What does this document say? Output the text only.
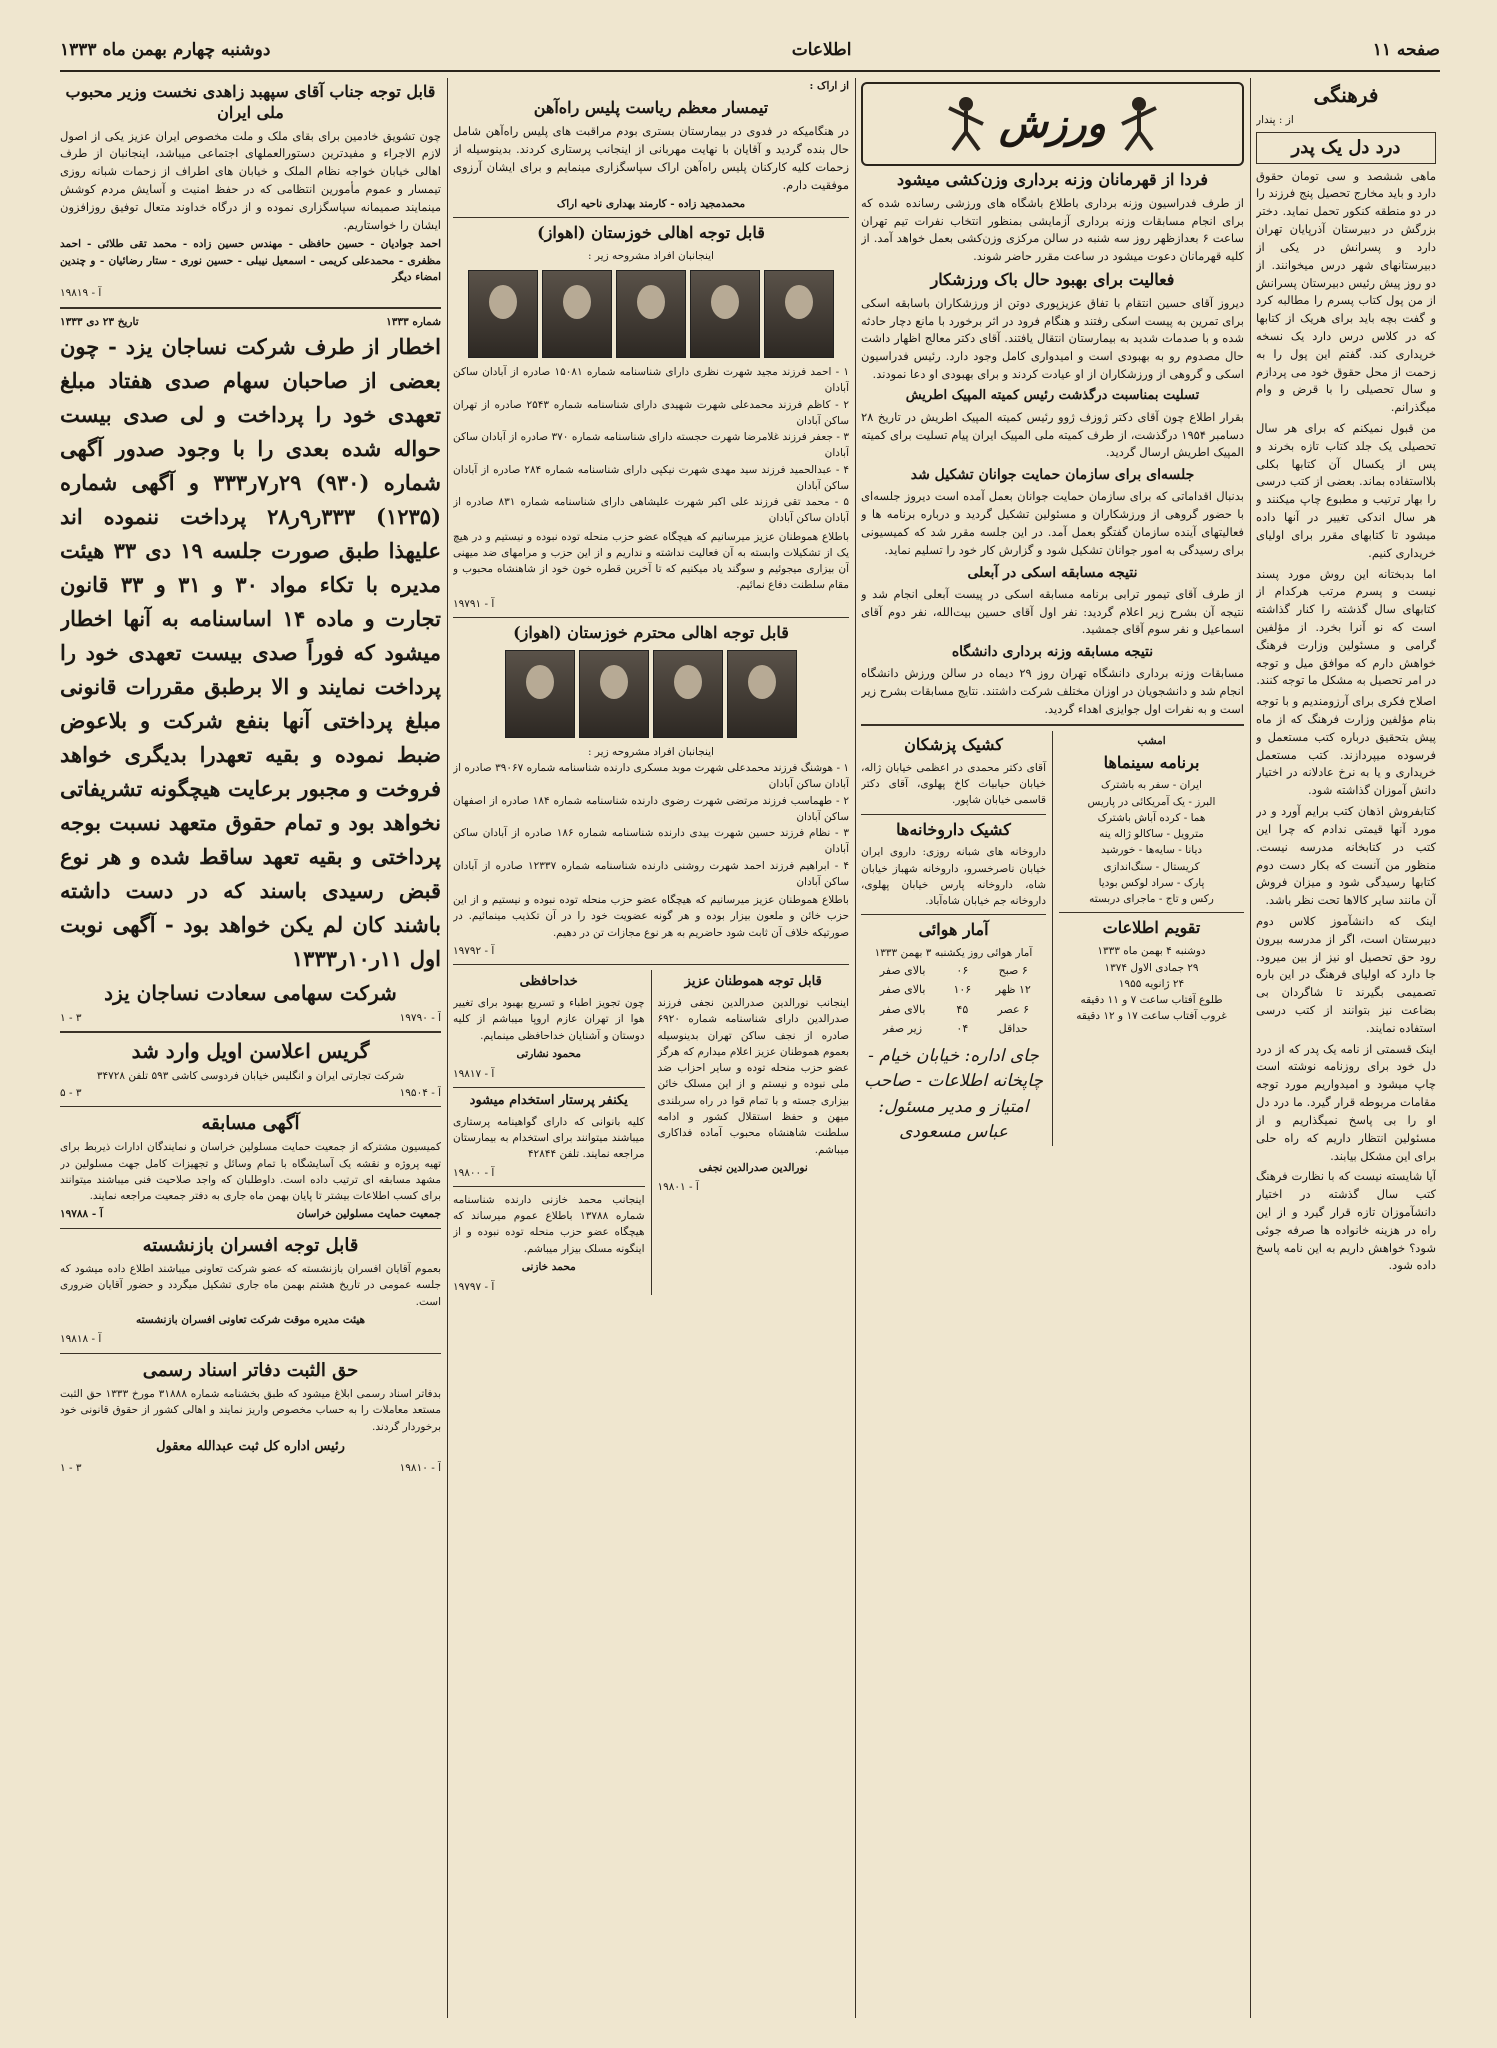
صفحه ۱۱
اطلاعات
دوشنبه چهارم بهمن ماه ۱۳۳۳
فرهنگی
از : پندار
درد دل یک پدر

ماهی ششصد و سی تومان حقوق دارد و باید مخارج تحصیل پنج فرزند را در دو منطقه کنکور تحمل نماید. دختر بزرگش در دبیرستان آذرپایان تهران دارد و پسرانش در یکی از دبیرستانهای شهر درس میخوانند. از دو روز پیش رئیس دبیرستان پسرانش از من پول کتاب پسرم را مطالبه کرد و گفت بچه باید برای هریک از کتابها که در کلاس درس دارد یک نسخه خریداری کند. گفتم این پول را به زحمت از محل حقوق خود می پردازم و سال تحصیلی را با قرض و وام میگذرانم.

من قبول نمیکنم که برای هر سال تحصیلی یک جلد کتاب تازه بخرند و پس از یکسال آن کتابها بکلی بلااستفاده بماند. بعضی از کتب درسی را بهار ترتیب و مطبوع چاپ میکنند و هر سال اندکی تغییر در آنها داده میشود تا کتابهای مقرر برای اولیای خریداری کنیم.

اما بدبختانه این روش مورد پسند نیست و پسرم مرتب هرکدام از کتابهای سال گذشته را کنار گذاشته است که نو آنرا بخرد. از مؤلفین گرامی و مسئولین وزارت فرهنگ خواهش دارم که موافق میل و توجه در امر تحصیل به مشکل ما توجه کنند.

اصلاح فکری برای آرزومندیم و با توجه بنام مؤلفین وزارت فرهنگ که از ماه پیش بتحقیق درباره کتب مستعمل و فرسوده میپردازند. کتب مستعمل خریداری و یا به نرخ عادلانه در اختیار دانش آموزان گذاشته شود.

کتابفروش اذهان کتب برایم آورد و در مورد آنها قیمتی ندادم که چرا این کتب در کتابخانه مدرسه نیست. منظور من آنست که بکار دست دوم کتابها رسیدگی شود و میزان فروش آن مانند سایر کالاها تحت نظر باشد.

اینک که دانشآموز کلاس دوم دبیرستان است، اگر از مدرسه بیرون رود حق تحصیل او نیز از بین میرود. جا دارد که اولیای فرهنگ در این باره تصمیمی بگیرند تا شاگردان بی بضاعت نیز بتوانند از کتب درسی استفاده نمایند.

اینک قسمتی از نامه یک پدر که از درد دل خود برای روزنامه نوشته است چاپ میشود و امیدواریم مورد توجه مقامات مربوطه قرار گیرد. ما درد دل او را بی پاسخ نمیگذاریم و از مسئولین انتظار داریم که راه حلی برای این مشکل بیابند.

آیا شایسته نیست که با نظارت فرهنگ کتب سال گذشته در اختیار دانشآموزان تازه قرار گیرد و از این راه در هزینه خانواده ها صرفه جوئی شود؟ خواهش داریم به این نامه پاسخ داده شود.

ورزش
فردا از قهرمانان وزنه برداری وزن‌کشی میشود

از طرف فدراسیون وزنه برداری باطلاع باشگاه های ورزشی رسانده شده که برای انجام مسابقات وزنه برداری آزمایشی بمنظور انتخاب نفرات تیم تهران ساعت ۶ بعدازظهر روز سه شنبه در سالن مرکزی وزن‌کشی بعمل خواهد آمد. از کلیه قهرمانان دعوت میشود در ساعت مقرر حاضر شوند.

فعالیت برای بهبود حال باک ورزشکار

دیروز آقای حسین انتقام با تفاق عزیزپوری دوتن از ورزشکاران باسابقه اسکی برای تمرین به پیست اسکی رفتند و هنگام فرود در اثر برخورد با مانع دچار حادثه شده و با صدمات شدید به بیمارستان انتقال یافتند. آقای دکتر معالج اظهار داشت حال مصدوم رو به بهبودی است و امیدواری کامل وجود دارد. رئیس فدراسیون اسکی و گروهی از ورزشکاران از او عیادت کردند و برای بهبودی او دعا نمودند.

تسلیت بمناسبت درگذشت رئیس کمیته المپیک اطریش

بقرار اطلاع چون آقای دکتر ژوزف ژوو رئیس کمیته المپیک اطریش در تاریخ ۲۸ دسامبر ۱۹۵۴ درگذشت، از طرف کمیته ملی المپیک ایران پیام تسلیت برای کمیته المپیک اطریش ارسال گردید.

جلسه‌ای برای سازمان حمایت جوانان تشکیل شد

بدنبال اقداماتی که برای سازمان حمایت جوانان بعمل آمده است دیروز جلسه‌ای با حضور گروهی از ورزشکاران و مسئولین تشکیل گردید و درباره برنامه ها و فعالیتهای آینده سازمان گفتگو بعمل آمد. در این جلسه مقرر شد که کمیسیونی برای رسیدگی به امور جوانان تشکیل شود و گزارش کار خود را تسلیم نماید.

نتیجه مسابقه اسکی در آبعلی

از طرف آقای تیمور ترابی برنامه مسابقه اسکی در پیست آبعلی انجام شد و نتیجه آن بشرح زیر اعلام گردید: نفر اول آقای حسین بیت‌الله، نفر دوم آقای اسماعیل و نفر سوم آقای جمشید.

نتیجه مسابقه وزنه برداری دانشگاه

مسابقات وزنه برداری دانشگاه تهران روز ۲۹ دیماه در سالن ورزش دانشگاه انجام شد و دانشجویان در اوزان مختلف شرکت داشتند. نتایج مسابقات بشرح زیر است و به نفرات اول جوایزی اهداء گردید.

امشب
برنامه سینماها
ایران - سفر به باشترک
البرز - یک آمریکائی در پاریس
هما - کرده آباش باشترک
مترویل - ساکالو ژاله ینه
دیانا - سایه‌ها - خورشید
کریستال - سنگ‌اندازی
پارک - سراد لوکس بودیا
رکس و تاج - ماجرای دربسته
تقویم اطلاعات
دوشنبه ۴ بهمن ماه ۱۳۳۳
۲۹ جمادی الاول ۱۳۷۴
۲۴ ژانویه ۱۹۵۵
طلوع آفتاب ساعت ۷ و ۱۱ دقیقه
غروب آفتاب ساعت ۱۷ و ۱۲ دقیقه
کشیک پزشکان
آقای دکتر محمدی در اعظمی خیابان ژاله، خیابان حیابیات کاخ پهلوی، آقای دکتر قاسمی خیابان شاپور.
کشیک داروخانه‌ها
داروخانه های شبانه روزی: داروی ایران خیابان ناصرخسرو، داروخانه شهباز خیابان شاه، داروخانه پارس خیابان پهلوی، داروخانه جم خیابان شاه‌آباد.
آمار هوائی
آمار هوائی روز یکشنبه ۳ بهمن ۱۳۳۳
۶ صبح	۰۶	بالای صفر
۱۲ ظهر	۱۰۶	بالای صفر
۶ عصر	۴۵	بالای صفر
حداقل	۰۴	زیر صفر
جای اداره: خیابان خیام - چاپخانه اطلاعات - صاحب امتیاز و مدیر مسئول: عباس مسعودی
از اراک :
تیمسار معظم ریاست پلیس راه‌آهن

در هنگامیکه در فدوی در بیمارستان بستری بودم مراقبت های پلیس راه‌آهن شامل حال بنده گردید و آقایان با نهایت مهربانی از اینجانب پرستاری کردند. بدینوسیله از زحمات کلیه کارکنان پلیس راه‌آهن اراک سپاسگزاری مینمایم و برای ایشان آرزوی موفقیت دارم.

محمدمجید زاده - کارمند بهداری ناحیه اراک
قابل توجه اهالی خوزستان (اهواز)
اینجانبان افراد مشروحه زیر :
۱ - احمد فرزند مجید شهرت نظری دارای شناسنامه شماره ۱۵۰۸۱ صادره از آبادان ساکن آبادان
۲ - کاظم فرزند محمدعلی شهرت شهیدی دارای شناسنامه شماره ۲۵۴۳ صادره از تهران ساکن آبادان
۳ - جعفر فرزند غلامرضا شهرت حجسته دارای شناسنامه شماره ۳۷۰ صادره از آبادان ساکن آبادان
۴ - عبدالحمید فرزند سید مهدی شهرت نیکپی دارای شناسنامه شماره ۲۸۴ صادره از آبادان ساکن آبادان
۵ - محمد تقی فرزند علی اکبر شهرت علیشاهی دارای شناسنامه شماره ۸۳۱ صادره از آبادان ساکن آبادان

باطلاع هموطنان عزیز میرسانیم که هیچگاه عضو حزب منحله توده نبوده و نیستیم و در هیچ یک از تشکیلات وابسته به آن فعالیت نداشته و نداریم و از این حزب و مرامهای ضد میهنی آن بیزاری میجوئیم و سوگند یاد میکنیم که تا آخرین قطره خون خود از شاهنشاه محبوب و مقام سلطنت دفاع نمائیم.

آ - ۱۹۷۹۱
قابل توجه اهالی محترم خوزستان (اهواز)
اینجانبان افراد مشروحه زیر :
۱ - هوشنگ فرزند محمدعلی شهرت موبد مسکری دارنده شناسنامه شماره ۳۹۰۶۷ صادره از آبادان ساکن آبادان
۲ - طهماسب فرزند مرتضی شهرت رضوی دارنده شناسنامه شماره ۱۸۴ صادره از اصفهان ساکن آبادان
۳ - نظام فرزند حسین شهرت بیدی دارنده شناسنامه شماره ۱۸۶ صادره از آبادان ساکن آبادان
۴ - ابراهیم فرزند احمد شهرت روشنی دارنده شناسنامه شماره ۱۲۳۳۷ صادره از آبادان ساکن آبادان

باطلاع هموطنان عزیز میرسانیم که هیچگاه عضو حزب منحله توده نبوده و نیستیم و از این حزب خائن و ملعون بیزار بوده و هر گونه عضویت خود را در آن تکذیب مینمائیم. در صورتیکه خلاف آن ثابت شود حاضریم به هر نوع مجازات تن در دهیم.

آ - ۱۹۷۹۲
قابل توجه هموطنان عزیز

اینجانب نورالدین صدرالدین نجفی فرزند صدرالدین دارای شناسنامه شماره ۶۹۲۰ صادره از نجف ساکن تهران بدینوسیله بعموم هموطنان عزیز اعلام میدارم که هرگز عضو حزب منحله توده و سایر احزاب ضد ملی نبوده و نیستم و از این مسلک خائن بیزاری جسته و با تمام قوا در راه سربلندی میهن و حفظ استقلال کشور و ادامه سلطنت شاهنشاه محبوب آماده فداکاری میباشم.

نورالدین صدرالدین نجفی
آ - ۱۹۸۰۱
خداحافظی

چون تجویز اطباء و تسریع بهبود برای تغییر هوا از تهران عازم اروپا میباشم از کلیه دوستان و آشنایان خداحافظی مینمایم.

محمود نشارتی
آ - ۱۹۸۱۷
یکنفر پرستار استخدام میشود

کلیه بانوانی که دارای گواهینامه پرستاری میباشند میتوانند برای استخدام به بیمارستان مراجعه نمایند. تلفن ۴۲۸۴۴

آ - ۱۹۸۰۰

اینجانب محمد خازنی دارنده شناسنامه شماره ۱۳۷۸۸ باطلاع عموم میرساند که هیچگاه عضو حزب منحله توده نبوده و از اینگونه مسلک بیزار میباشم.

محمد خازنی
آ - ۱۹۷۹۷
قابل توجه جناب آقای سپهبد زاهدی نخست وزیر محبوب ملی ایران

چون تشویق خادمین برای بقای ملک و ملت مخصوص ایران عزیز یکی از اصول لازم الاجراء و مفیدترین دستورالعملهای اجتماعی میباشد، اینجانبان از طرف اهالی خیابان خواجه نظام الملک و خیابان های اطراف از زحمات شبانه روزی تیمسار و عموم مأمورین انتظامی که در حفظ امنیت و آسایش مردم کوشش مینمایند صمیمانه سپاسگزاری نموده و از درگاه خداوند متعال توفیق روزافزون ایشان را خواستاریم.

احمد جوادیان - حسین حافظی - مهندس حسین زاده - محمد تقی طلائی - احمد مظفری - محمدعلی کریمی - اسمعیل نیبلی - حسین نوری - ستار رضائیان - و چندین امضاء دیگر
آ - ۱۹۸۱۹
شماره ۱۳۳۳
تاریخ ۲۳ دی ۱۳۳۳
اخطار از طرف شرکت نساجان یزد - چون بعضی از صاحبان سهام صدی هفتاد مبلغ تعهدی خود را پرداخت و لی صدی بیست حواله شده بعدی را با وجود صدور آگهی شماره (۹۳۰) ۲۹ر۷ر۳۳۳ و آگهی شماره (۱۲۳۵) ۳۳۳ر۹ر۲۸ پرداخت ننموده اند علیهذا طبق صورت جلسه ۱۹ دی ۳۳ هیئت مدیره با تکاء مواد ۳۰ و ۳۱ و ۳۳ قانون تجارت و ماده ۱۴ اساسنامه به آنها اخطار میشود که فوراً صدی بیست تعهدی خود را پرداخت نمایند و الا برطبق مقررات قانونی مبلغ پرداختی آنها بنفع شرکت و بلاعوض ضبط نموده و بقیه تعهدرا بدیگری خواهد فروخت و مجبور برعایت هیچگونه تشریفاتی نخواهد بود و تمام حقوق متعهد نسبت بوجه پرداختی و بقیه تعهد ساقط شده و هر نوع قبض رسیدی باسند که در دست داشته باشند کان لم یکن خواهد بود - آگهی نوبت اول ۱۱ر۱۰ر۱۳۳۳
شرکت سهامی سعادت نساجان یزد
آ - ۱۹۷۹۰
۳ - ۱
گریس اعلاسن اویل وارد شد
شرکت تجارتی ایران و انگلیس خیابان فردوسی کاشی ۵۹۳ تلفن ۳۴۷۲۸
آ - ۱۹۵۰۴
۳ - ۵
آگهی مسابقه

کمیسیون مشترکه از جمعیت حمایت مسلولین خراسان و نمایندگان ادارات ذیربط برای تهیه پروژه و نقشه یک آسایشگاه با تمام وسائل و تجهیزات کامل جهت مسلولین در مشهد مسابقه ای ترتیب داده است. داوطلبان که واجد صلاحیت فنی میباشند میتوانند برای کسب اطلاعات بیشتر تا پایان بهمن ماه جاری به دفتر جمعیت مراجعه نمایند.

جمعیت حمایت مسلولین خراسان
آ - ۱۹۷۸۸
قابل توجه افسران بازنشسته

بعموم آقایان افسران بازنشسته که عضو شرکت تعاونی میباشند اطلاع داده میشود که جلسه عمومی در تاریخ هشتم بهمن ماه جاری تشکیل میگردد و حضور آقایان ضروری است.

هیئت مدیره موقت شرکت تعاونی افسران بازنشسته
آ - ۱۹۸۱۸
حق الثبت دفاتر اسناد رسمی

بدفاتر اسناد رسمی ابلاغ میشود که طبق بخشنامه شماره ۳۱۸۸۸ مورخ ۱۳۳۳ حق الثبت مستعد معاملات را به حساب مخصوص واریز نمایند و اهالی کشور از حقوق قانونی خود برخوردار گردند.

رئیس اداره کل ثبت عبدالله معقول
آ - ۱۹۸۱۰
۳ - ۱
